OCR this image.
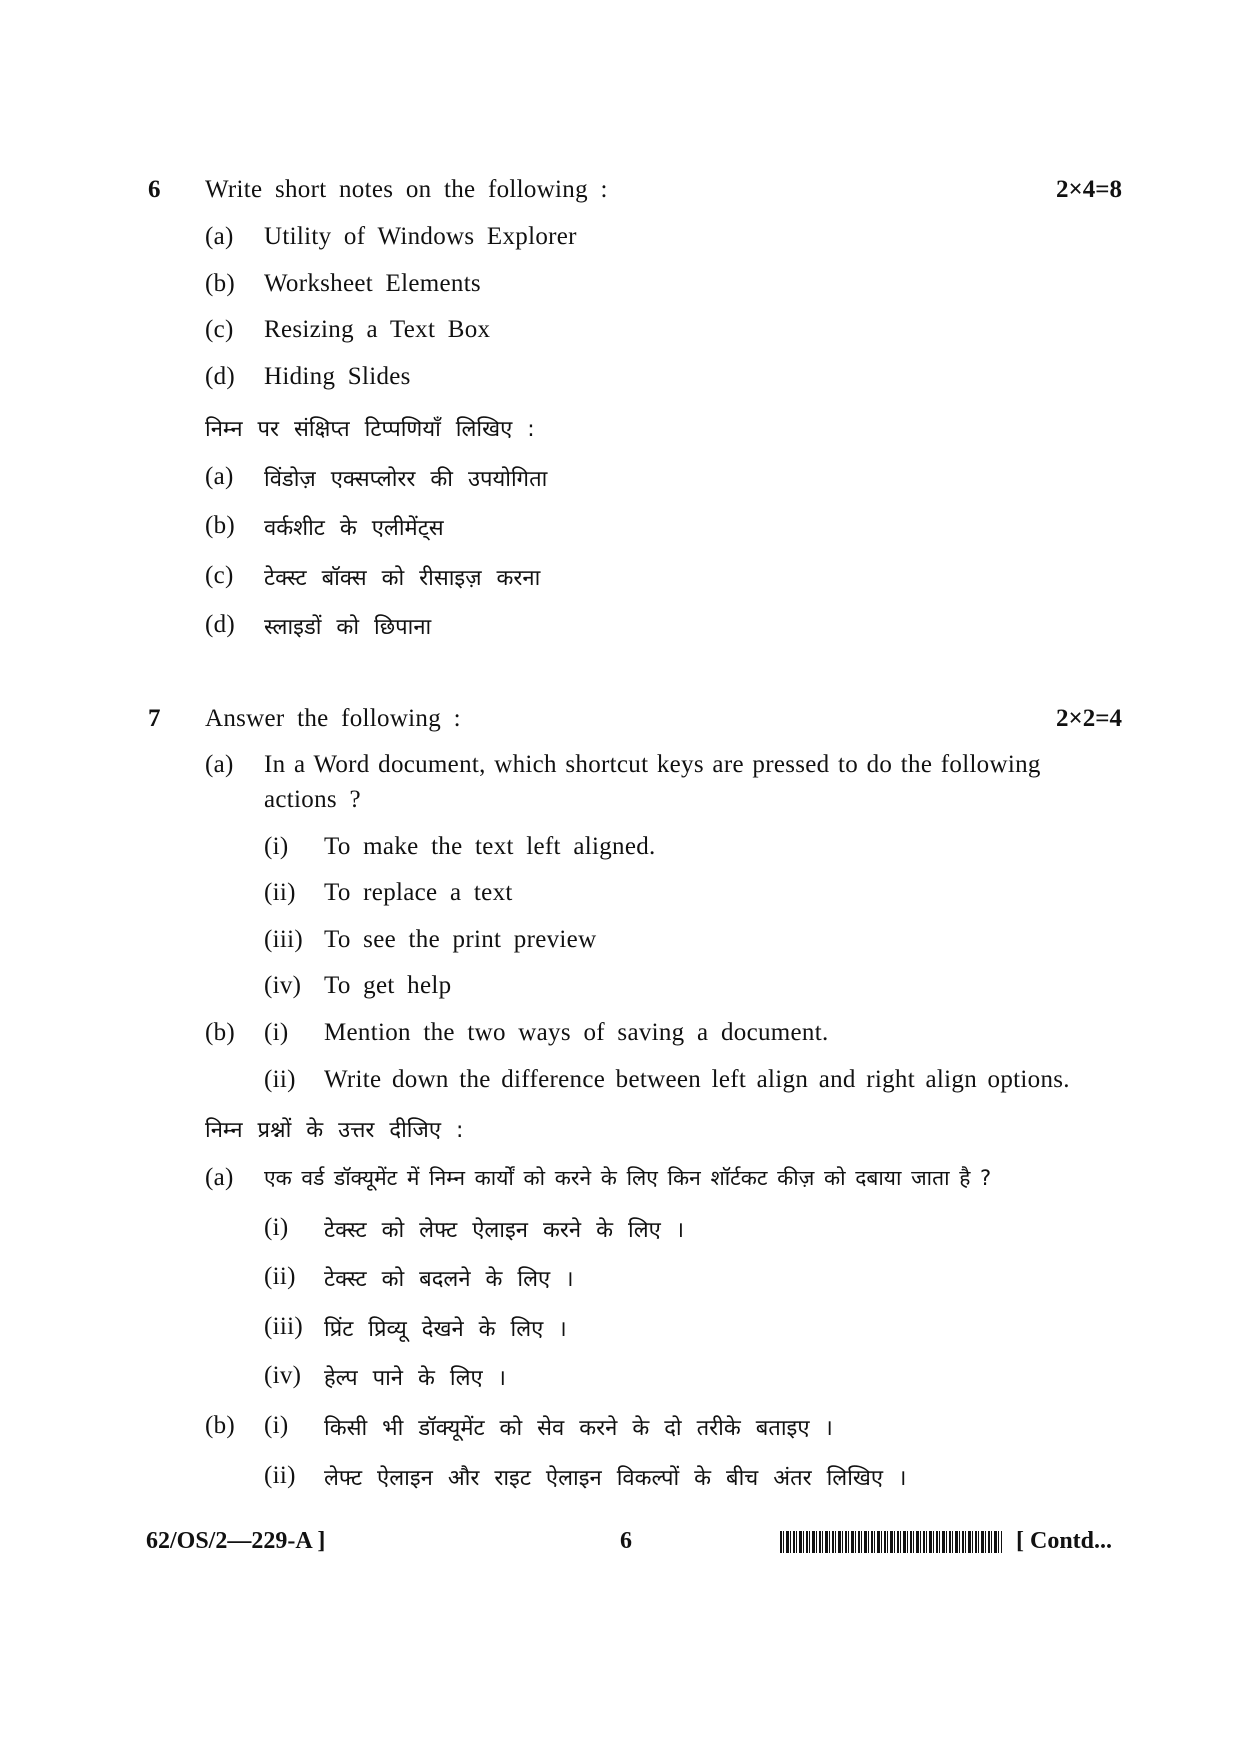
6 Write short notes on the following :	2×4=8
(a) Utility of Windows Explorer
(b) Worksheet Elements
(c) Resizing a Text Box
(d) Hiding Slides
निम्न पर संक्षिप्त टिप्पणियाँ लिखिए :
(a) विंडोज़ एक्सप्लोरर की उपयोगिता
(b) वर्कशीट के एलीमेंट्स
(c) टेक्स्ट बॉक्स को रीसाइज़ करना
(d) स्लाइडों को छिपाना
7 Answer the following :	2×2=4
(a) In a Word document, which shortcut keys are pressed to do the following
actions ?
(i) To make the text left aligned.
(ii) To replace a text
(iii) To see the print preview
(iv) To get help
(b) (i) Mention the two ways of saving a document.
(ii) Write down the difference between left align and right align options.
निम्न प्रश्नों के उत्तर दीजिए :
(a) एक वर्ड डॉक्यूमेंट में निम्न कार्यों को करने के लिए किन शॉर्टकट कीज़ को दबाया जाता है ?
(i) टेक्स्ट को लेफ्ट ऐलाइन करने के लिए ।
(ii) टेक्स्ट को बदलने के लिए ।
(iii) प्रिंट प्रिव्यू देखने के लिए ।
(iv) हेल्प पाने के लिए ।
(b) (i) किसी भी डॉक्यूमेंट को सेव करने के दो तरीके बताइए ।
(ii) लेफ्ट ऐलाइन और राइट ऐलाइन विकल्पों के बीच अंतर लिखिए ।
62/OS/2—229-A ]	6	[ Contd...
